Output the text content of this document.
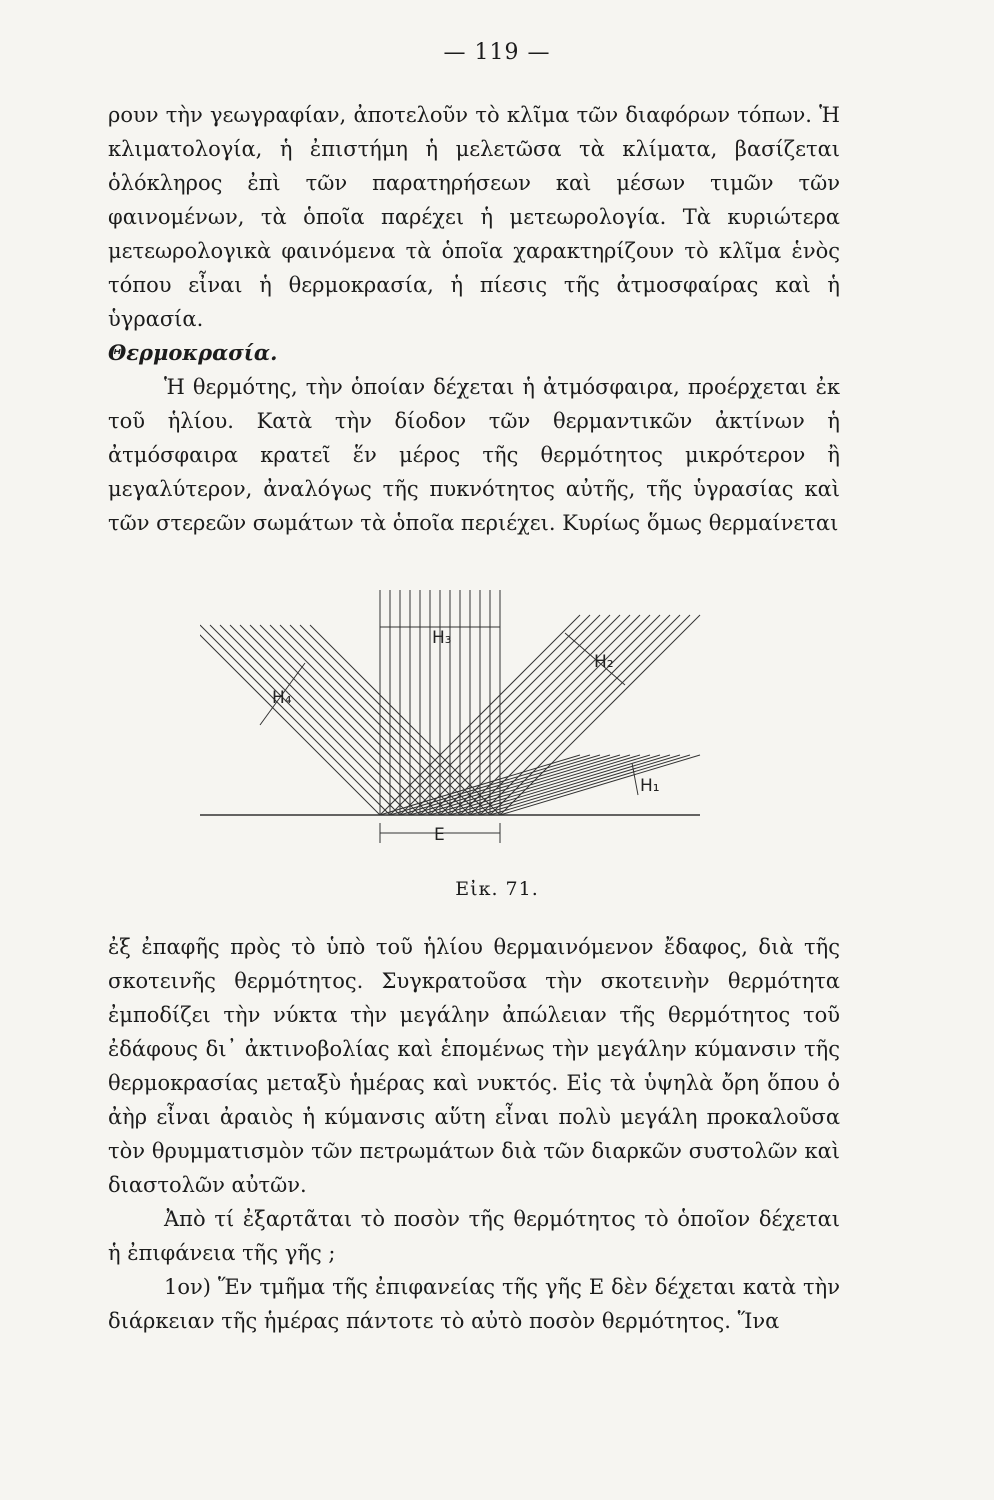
— 119 —

ρουν τὴν γεωγραφίαν, ἀποτελοῦν τὸ κλῖμα τῶν διαφόρων τόπων. Ἡ κλιματολογία, ἡ ἐπιστήμη ἡ μελετῶσα τὰ κλίματα, βασίζεται ὁλόκληρος ἐπὶ τῶν παρατηρήσεων καὶ μέσων τιμῶν τῶν φαινομένων, τὰ ὁποῖα παρέχει ἡ μετεωρολογία. Τὰ κυριώτερα μετεωρολογικὰ φαινόμενα τὰ ὁποῖα χαρακτηρίζουν τὸ κλῖμα ἑνὸς τόπου εἶναι ἡ θερμοκρασία, ἡ πίεσις τῆς ἀτμοσφαίρας καὶ ἡ ὑγρασία.

Θερμοκρασία.

Ἡ θερμότης, τὴν ὁποίαν δέχεται ἡ ἀτμόσφαιρα, προέρχεται ἐκ τοῦ ἡλίου. Κατὰ τὴν δίοδον τῶν θερμαντικῶν ἀκτίνων ἡ ἀτμόσφαιρα κρατεῖ ἕν μέρος τῆς θερμότητος μικρότερον ἢ μεγαλύτερον, ἀναλόγως τῆς πυκνότητος αὐτῆς, τῆς ὑγρασίας καὶ τῶν στερεῶν σωμάτων τὰ ὁποῖα περιέχει. Κυρίως ὅμως θερμαίνεται

H₃
H₄
H₂
H₁
E
Εἰκ. 71.

ἐξ ἐπαφῆς πρὸς τὸ ὑπὸ τοῦ ἡλίου θερμαινόμενον ἔδαφος, διὰ τῆς σκοτεινῆς θερμότητος. Συγκρατοῦσα τὴν σκοτεινὴν θερμότητα ἐμποδίζει τὴν νύκτα τὴν μεγάλην ἀπώλειαν τῆς θερμότητος τοῦ ἐδάφους δι᾽ ἀκτινοβολίας καὶ ἑπομένως τὴν μεγάλην κύμανσιν τῆς θερμοκρασίας μεταξὺ ἡμέρας καὶ νυκτός. Εἰς τὰ ὑψηλὰ ὄρη ὅπου ὁ ἀὴρ εἶναι ἀραιὸς ἡ κύμανσις αὕτη εἶναι πολὺ μεγάλη προκαλοῦσα τὸν θρυμματισμὸν τῶν πετρωμάτων διὰ τῶν διαρκῶν συστολῶν καὶ διαστολῶν αὐτῶν.

Ἀπὸ τί ἐξαρτᾶται τὸ ποσὸν τῆς θερμότητος τὸ ὁποῖον δέχεται ἡ ἐπιφάνεια τῆς γῆς ;

1ον) Ἕν τμῆμα τῆς ἐπιφανείας τῆς γῆς Ε δὲν δέχεται κατὰ τὴν διάρκειαν τῆς ἡμέρας πάντοτε τὸ αὐτὸ ποσὸν θερμότητος. Ἵνα
